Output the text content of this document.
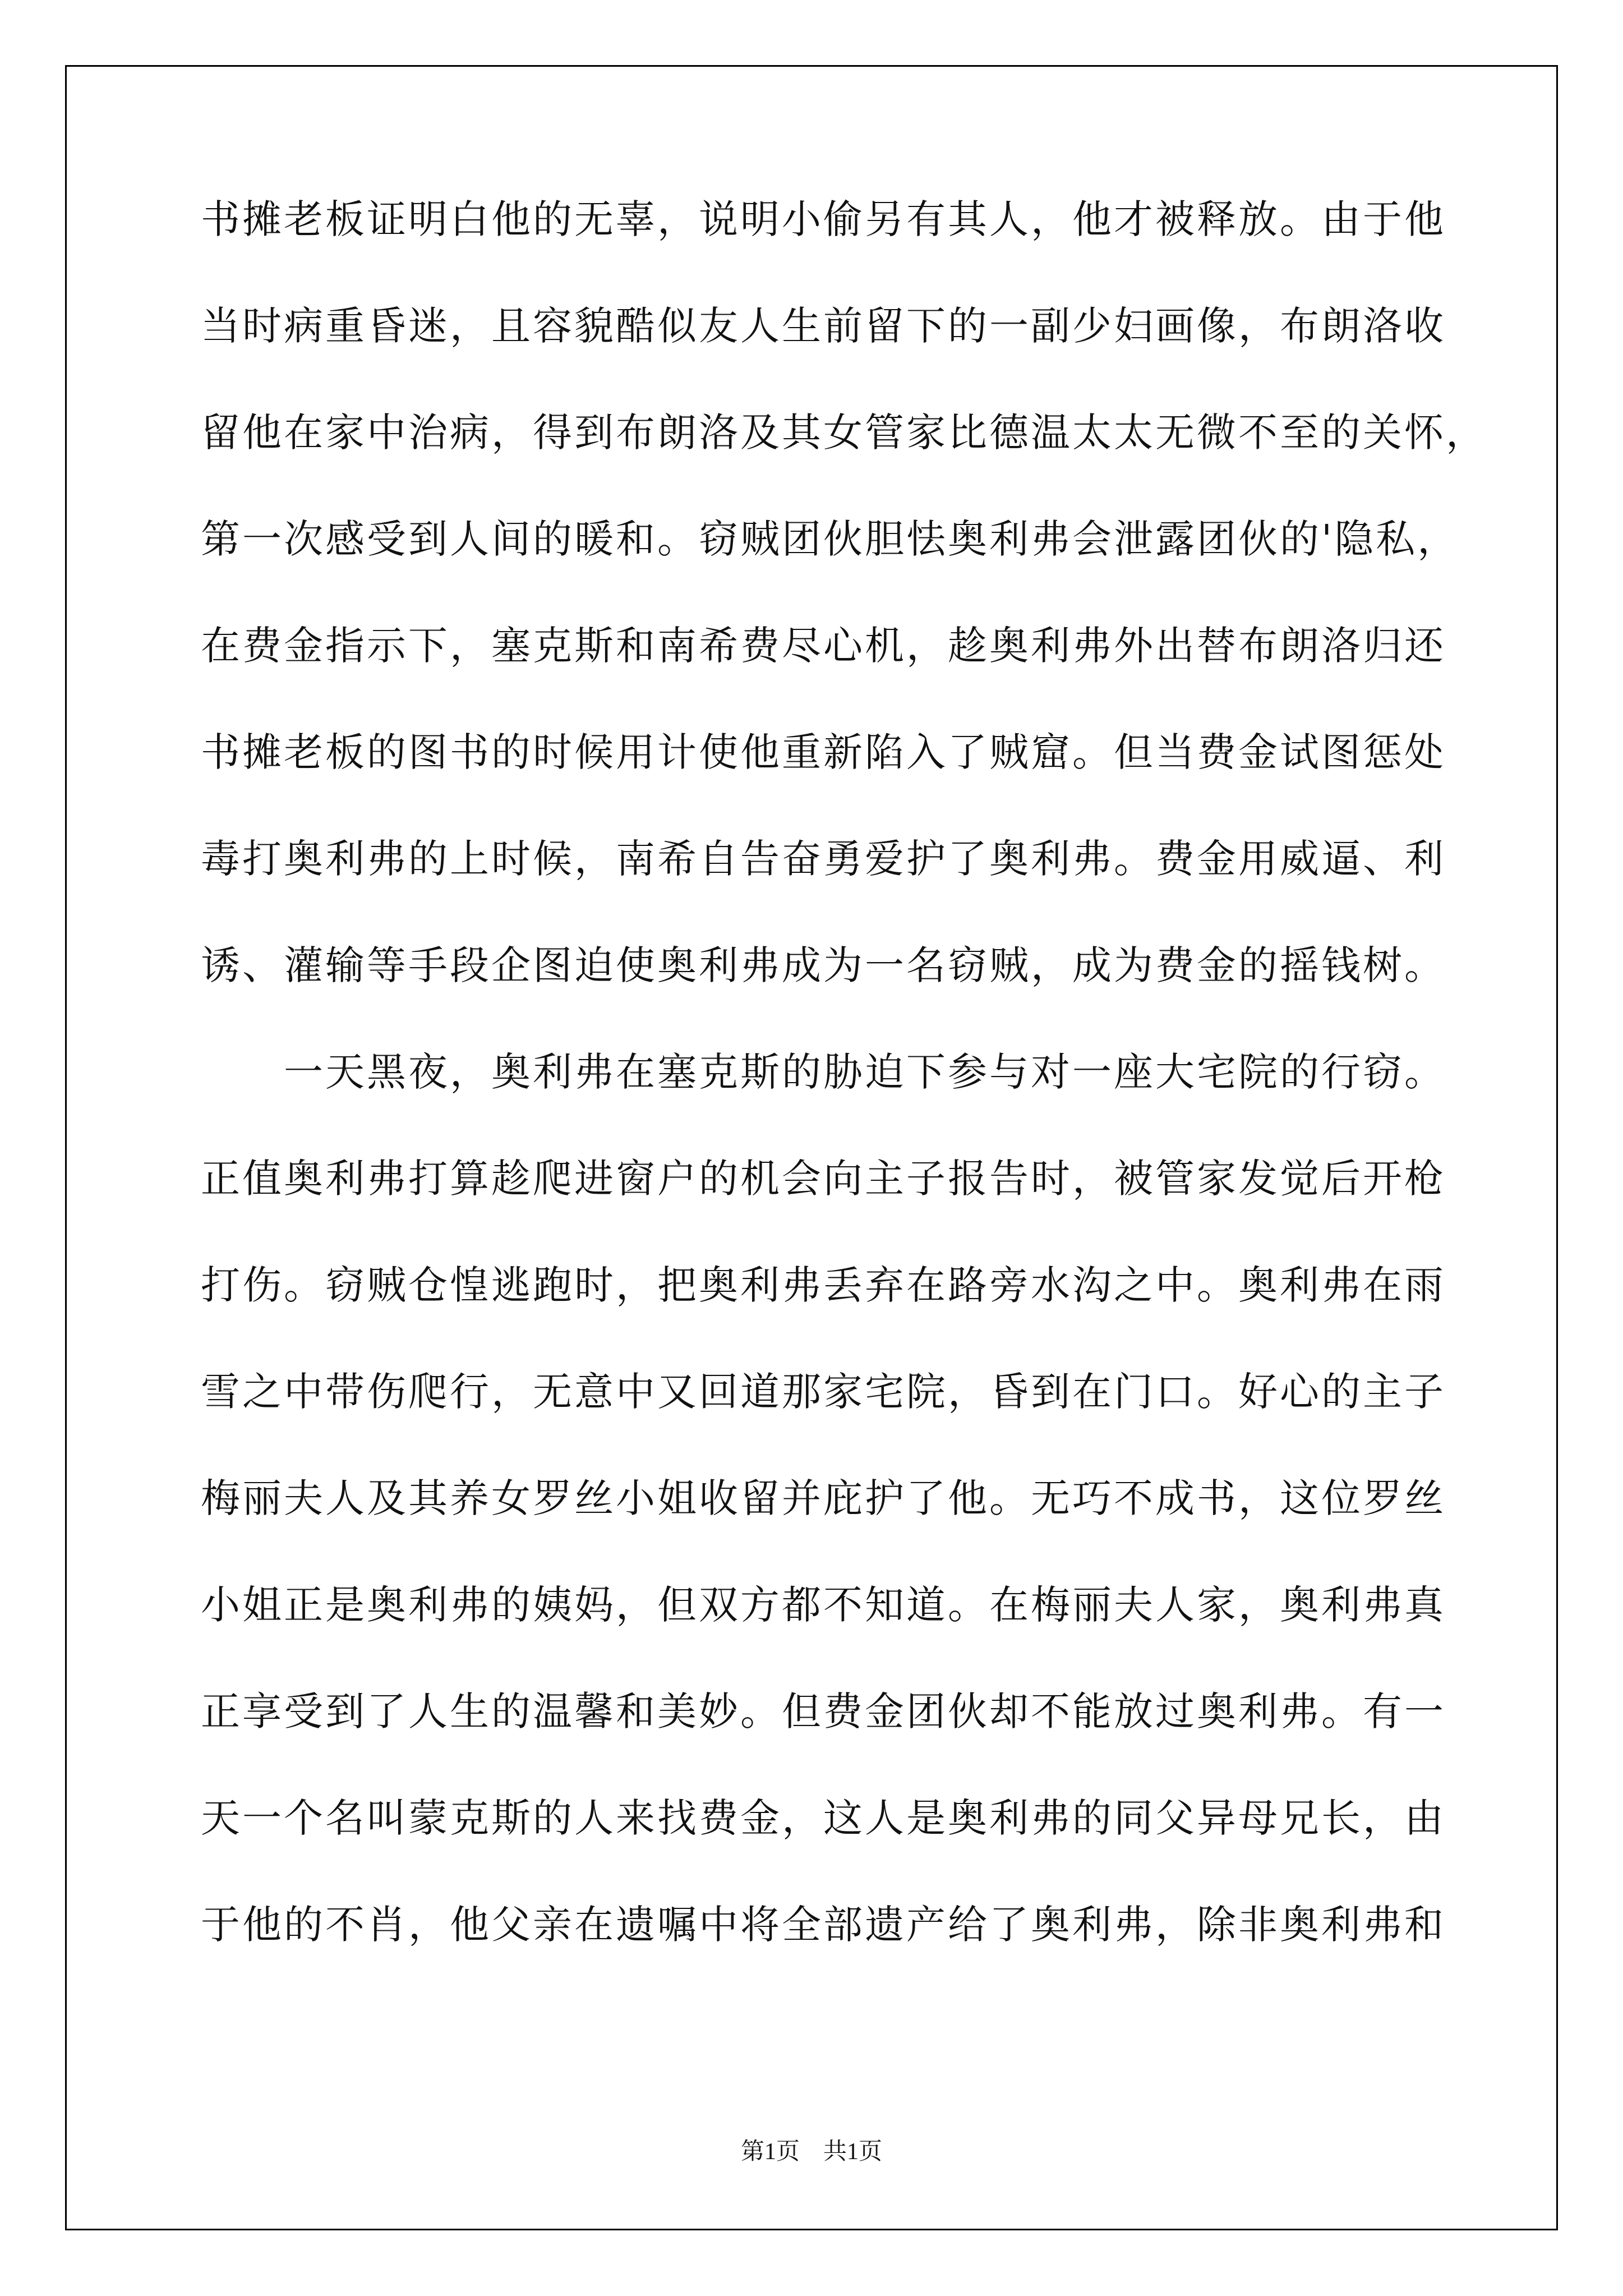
书摊老板证明白他的无辜，说明小偷另有其人，他才被释放。由于他
当时病重昏迷，且容貌酷似友人生前留下的一副少妇画像，布朗洛收
留他在家中治病，得到布朗洛及其女管家比德温太太无微不至的关怀，
第一次感受到人间的暖和。窃贼团伙胆怯奥利弗会泄露团伙的'隐私，
在费金指示下，塞克斯和南希费尽心机，趁奥利弗外出替布朗洛归还
书摊老板的图书的时候用计使他重新陷入了贼窟。但当费金试图惩处
毒打奥利弗的上时候，南希自告奋勇爱护了奥利弗。费金用威逼、利
诱、灌输等手段企图迫使奥利弗成为一名窃贼，成为费金的摇钱树。
　　一天黑夜，奥利弗在塞克斯的胁迫下参与对一座大宅院的行窃。
正值奥利弗打算趁爬进窗户的机会向主子报告时，被管家发觉后开枪
打伤。窃贼仓惶逃跑时，把奥利弗丢弃在路旁水沟之中。奥利弗在雨
雪之中带伤爬行，无意中又回道那家宅院，昏到在门口。好心的主子
梅丽夫人及其养女罗丝小姐收留并庇护了他。无巧不成书，这位罗丝
小姐正是奥利弗的姨妈，但双方都不知道。在梅丽夫人家，奥利弗真
正享受到了人生的温馨和美妙。但费金团伙却不能放过奥利弗。有一
天一个名叫蒙克斯的人来找费金，这人是奥利弗的同父异母兄长，由
于他的不肖，他父亲在遗嘱中将全部遗产给了奥利弗，除非奥利弗和
第1页　共1页
